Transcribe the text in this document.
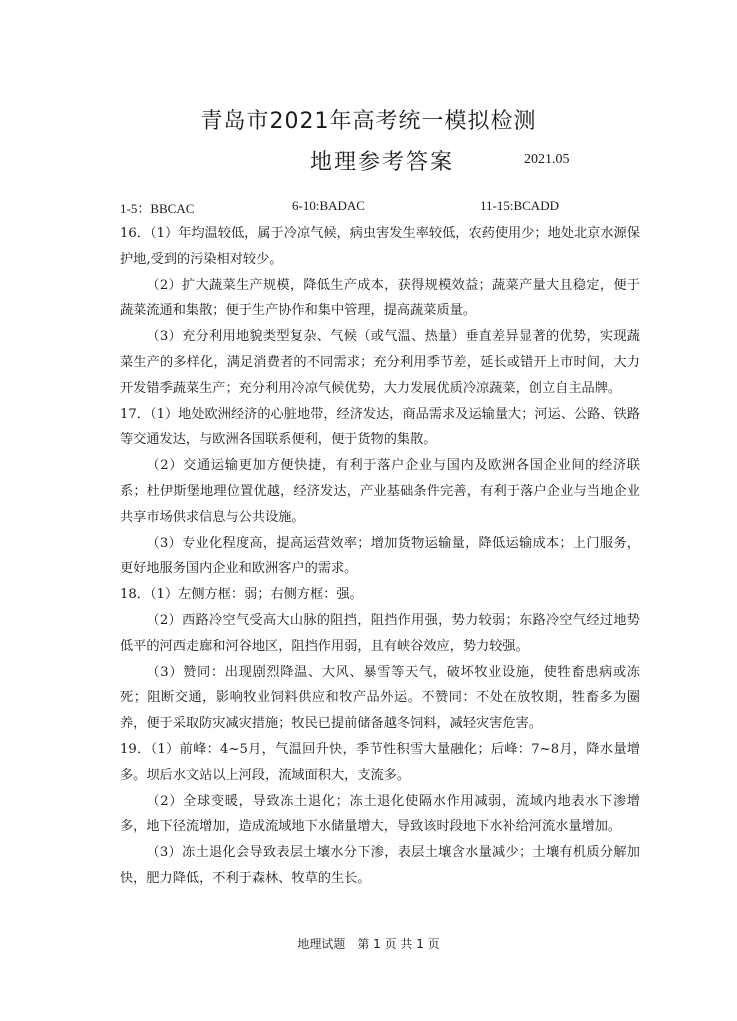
青岛市2021年高考统一模拟检测
地理参考答案	2021.05
1-5：BBCAC	6-10:BADAC	11-15:BCADD

16．（1）年均温较低，属于冷凉气候，病虫害发生率较低，农药使用少；地处北京水源保护地,受到的污染相对较少。

（2）扩大蔬菜生产规模，降低生产成本，获得规模效益；蔬菜产量大且稳定，便于蔬菜流通和集散；便于生产协作和集中管理，提高蔬菜质量。

（3）充分利用地貌类型复杂、气候（或气温、热量）垂直差异显著的优势，实现蔬菜生产的多样化，满足消费者的不同需求；充分利用季节差，延长或错开上市时间，大力开发错季蔬菜生产；充分利用冷凉气候优势，大力发展优质冷凉蔬菜，创立自主品牌。

17．（1）地处欧洲经济的心脏地带，经济发达，商品需求及运输量大；河运、公路、铁路等交通发达，与欧洲各国联系便利，便于货物的集散。

（2）交通运输更加方便快捷，有利于落户企业与国内及欧洲各国企业间的经济联系；杜伊斯堡地理位置优越，经济发达，产业基础条件完善，有利于落户企业与当地企业共享市场供求信息与公共设施。

（3）专业化程度高，提高运营效率；增加货物运输量，降低运输成本；上门服务，更好地服务国内企业和欧洲客户的需求。

18．（1）左侧方框：弱；右侧方框：强。

（2）西路冷空气受高大山脉的阻挡，阻挡作用强，势力较弱；东路冷空气经过地势低平的河西走廊和河谷地区，阻挡作用弱，且有峡谷效应，势力较强。

（3）赞同：出现剧烈降温、大风、暴雪等天气，破坏牧业设施，使牲畜患病或冻死；阻断交通，影响牧业饲料供应和牧产品外运。不赞同：不处在放牧期，牲畜多为圈养，便于采取防灾减灾措施；牧民已提前储备越冬饲料，减轻灾害危害。

19．（1）前峰：4~5月，气温回升快，季节性积雪大量融化；后峰：7~8月，降水量增多。坝后水文站以上河段，流域面积大，支流多。

（2）全球变暖，导致冻土退化；冻土退化使隔水作用减弱，流域内地表水下渗增多，地下径流增加，造成流域地下水储量增大，导致该时段地下水补给河流水量增加。

（3）冻土退化会导致表层土壤水分下渗，表层土壤含水量减少；土壤有机质分解加快，肥力降低，不利于森林、牧草的生长。

地理试题　第 1 页 共 1 页
